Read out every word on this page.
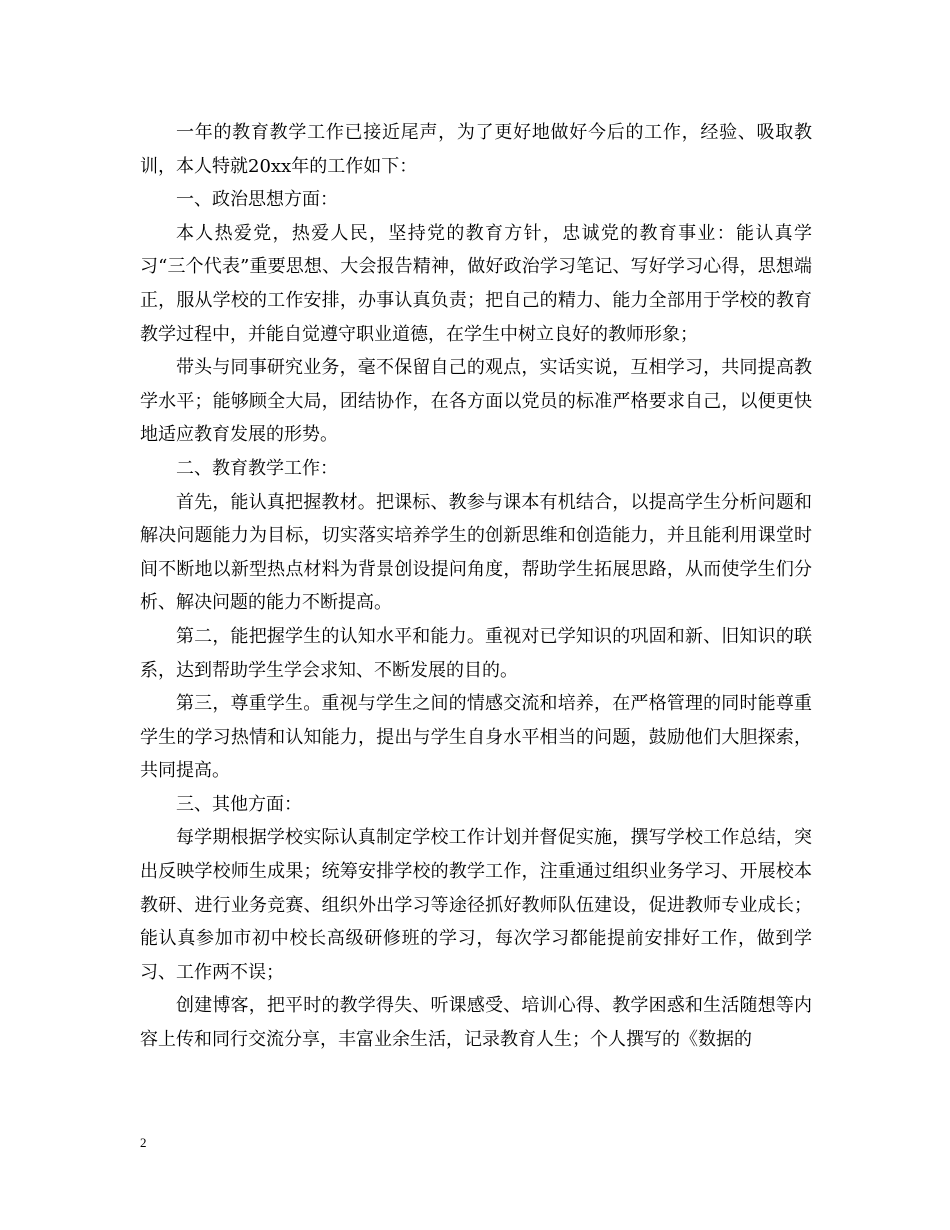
一年的教育教学工作已接近尾声，为了更好地做好今后的工作，经验、吸取教训，本人特就20xx年的工作如下：

一、政治思想方面：

本人热爱党，热爱人民，坚持党的教育方针，忠诚党的教育事业：能认真学习“三个代表”重要思想、大会报告精神，做好政治学习笔记、写好学习心得，思想端正，服从学校的工作安排，办事认真负责；把自己的精力、能力全部用于学校的教育教学过程中，并能自觉遵守职业道德，在学生中树立良好的教师形象；

带头与同事研究业务，毫不保留自己的观点，实话实说，互相学习，共同提高教学水平；能够顾全大局，团结协作，在各方面以党员的标准严格要求自己，以便更快地适应教育发展的形势。

二、教育教学工作：

首先，能认真把握教材。把课标、教参与课本有机结合，以提高学生分析问题和解决问题能力为目标，切实落实培养学生的创新思维和创造能力，并且能利用课堂时间不断地以新型热点材料为背景创设提问角度，帮助学生拓展思路，从而使学生们分析、解决问题的能力不断提高。

第二，能把握学生的认知水平和能力。重视对已学知识的巩固和新、旧知识的联系，达到帮助学生学会求知、不断发展的目的。

第三，尊重学生。重视与学生之间的情感交流和培养，在严格管理的同时能尊重学生的学习热情和认知能力，提出与学生自身水平相当的问题，鼓励他们大胆探索，共同提高。

三、其他方面：

每学期根据学校实际认真制定学校工作计划并督促实施，撰写学校工作总结，突出反映学校师生成果；统筹安排学校的教学工作，注重通过组织业务学习、开展校本教研、进行业务竞赛、组织外出学习等途径抓好教师队伍建设，促进教师专业成长；能认真参加市初中校长高级研修班的学习，每次学习都能提前安排好工作，做到学习、工作两不误；

创建博客，把平时的教学得失、听课感受、培训心得、教学困惑和生活随想等内容上传和同行交流分享，丰富业余生活，记录教育人生；个人撰写的《数据的

2
